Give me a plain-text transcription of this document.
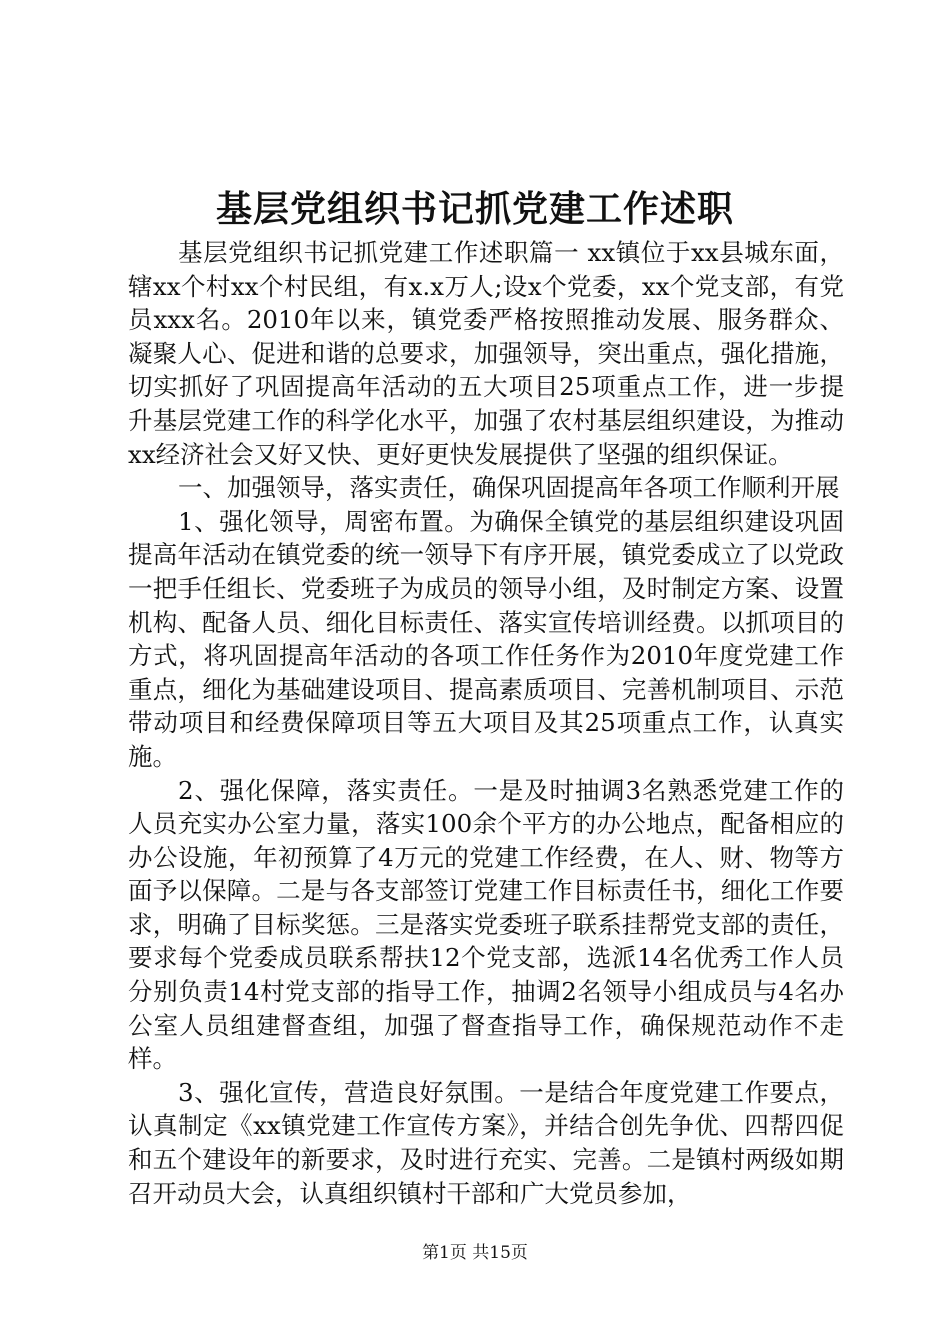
基层党组织书记抓党建工作述职

基层党组织书记抓党建工作述职篇一 xx镇位于xx县城东面，辖xx个村xx个村民组，有x.x万人;设x个党委，xx个党支部，有党员xxx名。2010年以来，镇党委严格按照推动发展、服务群众、凝聚人心、促进和谐的总要求，加强领导，突出重点，强化措施，切实抓好了巩固提高年活动的五大项目25项重点工作，进一步提升基层党建工作的科学化水平，加强了农村基层组织建设，为推动xx经济社会又好又快、更好更快发展提供了坚强的组织保证。

一、加强领导，落实责任，确保巩固提高年各项工作顺利开展

1、强化领导，周密布置。为确保全镇党的基层组织建设巩固提高年活动在镇党委的统一领导下有序开展，镇党委成立了以党政一把手任组长、党委班子为成员的领导小组，及时制定方案、设置机构、配备人员、细化目标责任、落实宣传培训经费。以抓项目的方式，将巩固提高年活动的各项工作任务作为2010年度党建工作重点，细化为基础建设项目、提高素质项目、完善机制项目、示范带动项目和经费保障项目等五大项目及其25项重点工作，认真实施。

2、强化保障，落实责任。一是及时抽调3名熟悉党建工作的人员充实办公室力量，落实100余个平方的办公地点，配备相应的办公设施，年初预算了4万元的党建工作经费，在人、财、物等方面予以保障。二是与各支部签订党建工作目标责任书，细化工作要求，明确了目标奖惩。三是落实党委班子联系挂帮党支部的责任，要求每个党委成员联系帮扶12个党支部，选派14名优秀工作人员分别负责14村党支部的指导工作，抽调2名领导小组成员与4名办公室人员组建督查组，加强了督查指导工作，确保规范动作不走样。

3、强化宣传，营造良好氛围。一是结合年度党建工作要点，认真制定《xx镇党建工作宣传方案》，并结合创先争优、四帮四促和五个建设年的新要求，及时进行充实、完善。二是镇村两级如期召开动员大会，认真组织镇村干部和广大党员参加，

第1页 共15页
